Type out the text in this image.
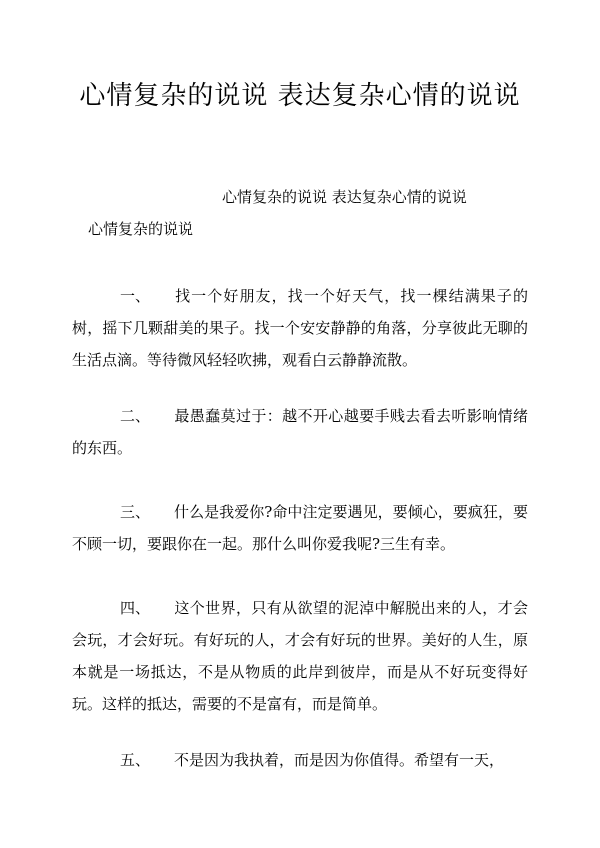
心情复杂的说说 表达复杂心情的说说
心情复杂的说说 表达复杂心情的说说
心情复杂的说说
一、 找一个好朋友，找一个好天气，找一棵结满果子的树，摇下几颗甜美的果子。找一个安安静静的角落，分享彼此无聊的生活点滴。等待微风轻轻吹拂，观看白云静静流散。
二、 最愚蠢莫过于：越不开心越要手贱去看去听影响情绪的东西。
三、 什么是我爱你?命中注定要遇见，要倾心，要疯狂，要不顾一切，要跟你在一起。那什么叫你爱我呢?三生有幸。
四、 这个世界，只有从欲望的泥淖中解脱出来的人，才会会玩，才会好玩。有好玩的人，才会有好玩的世界。美好的人生，原本就是一场抵达，不是从物质的此岸到彼岸，而是从不好玩变得好玩。这样的抵达，需要的不是富有，而是简单。
五、 不是因为我执着，而是因为你值得。希望有一天，
